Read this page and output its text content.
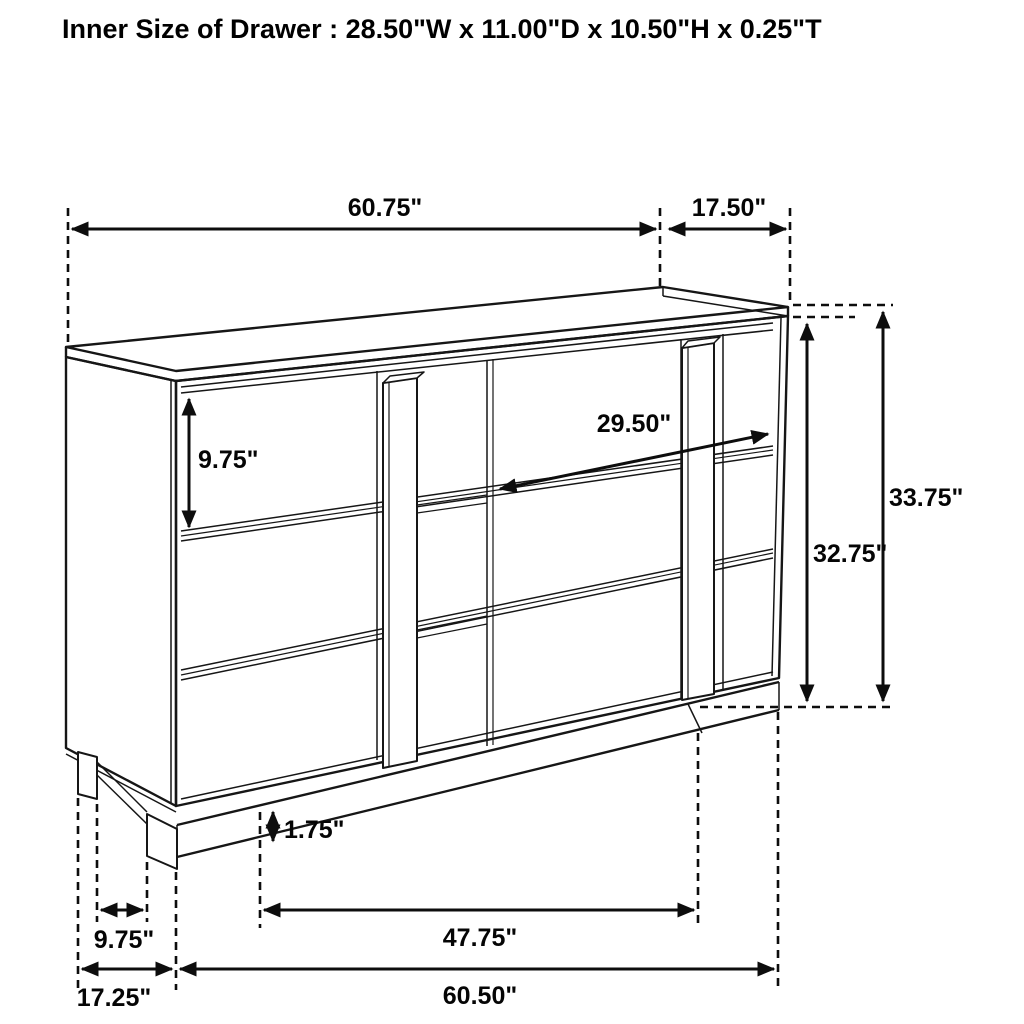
Inner Size of Drawer : 28.50"W x 11.00"D x 10.50"H x 0.25"T
60.75"	17.50"
9.75"
29.50"
32.75"
33.75"
1.75"
9.75"	47.75"
17.25"	60.50"
